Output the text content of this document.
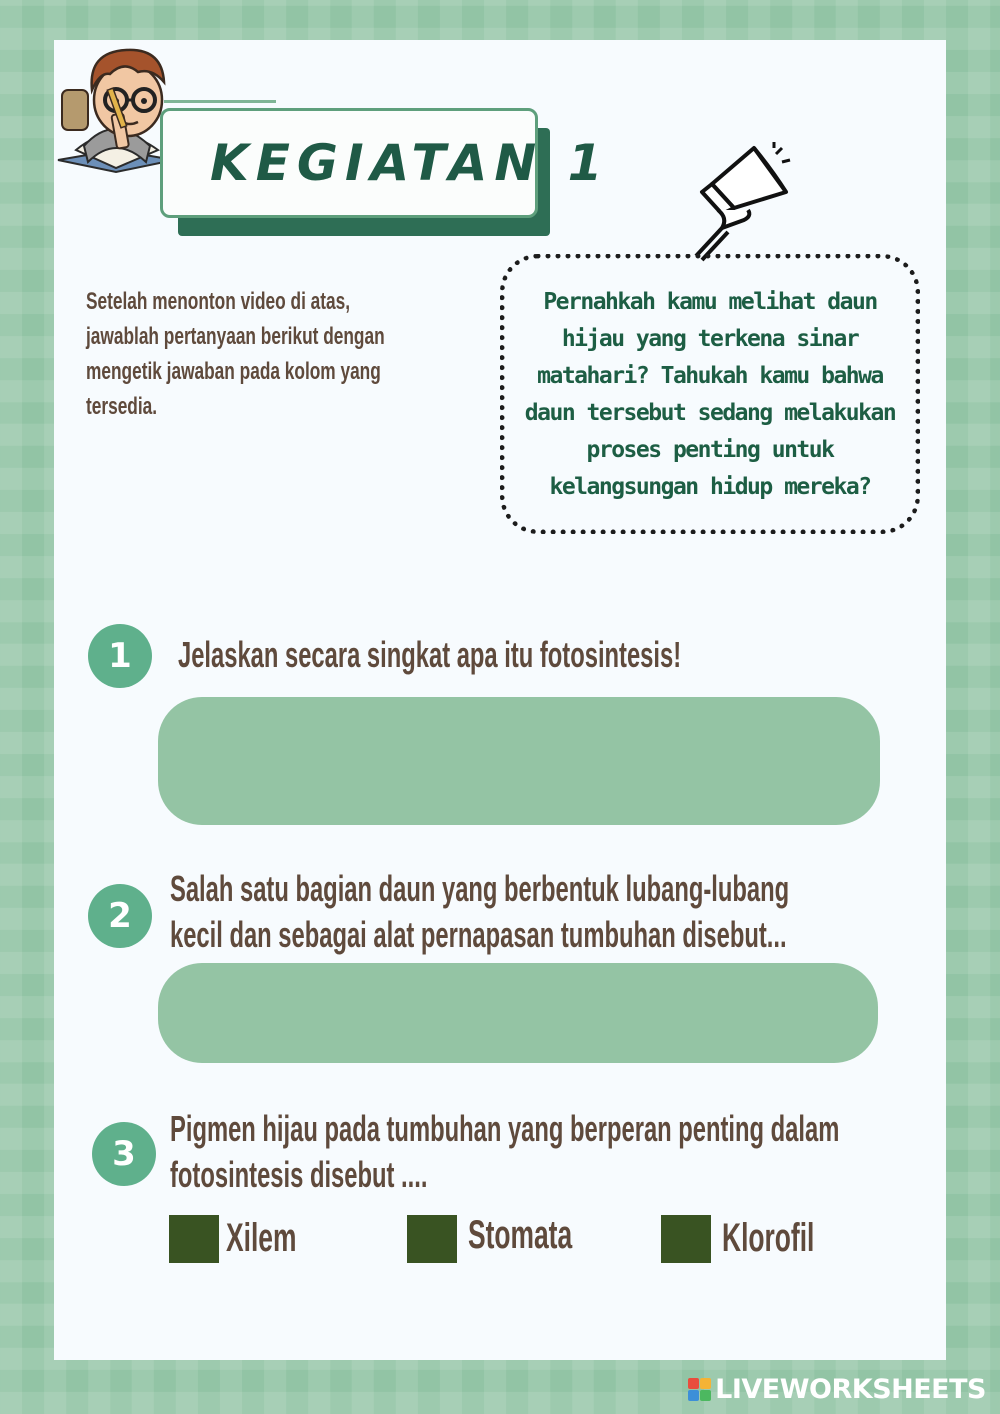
KEGIATAN 1
Setelah menonton video di atas,
jawablah pertanyaan berikut dengan
mengetik jawaban pada kolom yang
tersedia.
Pernahkah kamu melihat daun
hijau yang terkena sinar
matahari? Tahukah kamu bahwa
daun tersebut sedang melakukan
proses penting untuk
kelangsungan hidup mereka?
1	Jelaskan secara singkat apa itu fotosintesis!
2
Salah satu bagian daun yang berbentuk lubang-lubang
kecil dan sebagai alat pernapasan tumbuhan disebut...
3
Pigmen hijau pada tumbuhan yang berperan penting dalam
fotosintesis disebut ....
Xilem	Stomata	Klorofil
LIVEWORKSHEETS
